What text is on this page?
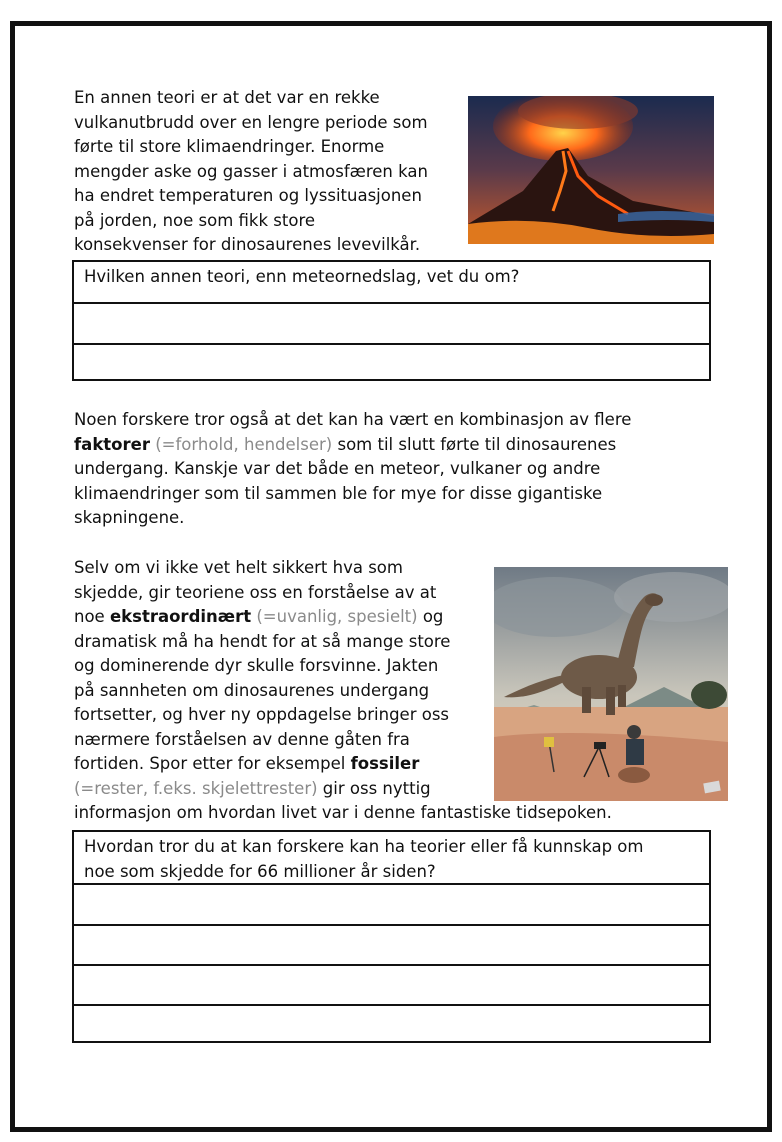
En annen teori er at det var en rekke
vulkanutbrudd over en lengre periode som
førte til store klimaendringer. Enorme
mengder aske og gasser i atmosfæren kan
ha endret temperaturen og lyssituasjonen
på jorden, noe som fikk store
konsekvenser for dinosaurenes levevilkår.
Hvilken annen teori, enn meteornedslag, vet du om?
Noen forskere tror også at det kan ha vært en kombinasjon av flere
faktorer (=forhold, hendelser) som til slutt førte til dinosaurenes
undergang. Kanskje var det både en meteor, vulkaner og andre
klimaendringer som til sammen ble for mye for disse gigantiske
skapningene.
Selv om vi ikke vet helt sikkert hva som
skjedde, gir teoriene oss en forståelse av at
noe ekstraordinært (=uvanlig, spesielt) og
dramatisk må ha hendt for at så mange store
og dominerende dyr skulle forsvinne. Jakten
på sannheten om dinosaurenes undergang
fortsetter, og hver ny oppdagelse bringer oss
nærmere forståelsen av denne gåten fra
fortiden. Spor etter for eksempel fossiler
(=rester, f.eks. skjelettrester) gir oss nyttig
informasjon om hvordan livet var i denne fantastiske tidsepoken.
Hvordan tror du at kan forskere kan ha teorier eller få kunnskap om
noe som skjedde for 66 millioner år siden?
